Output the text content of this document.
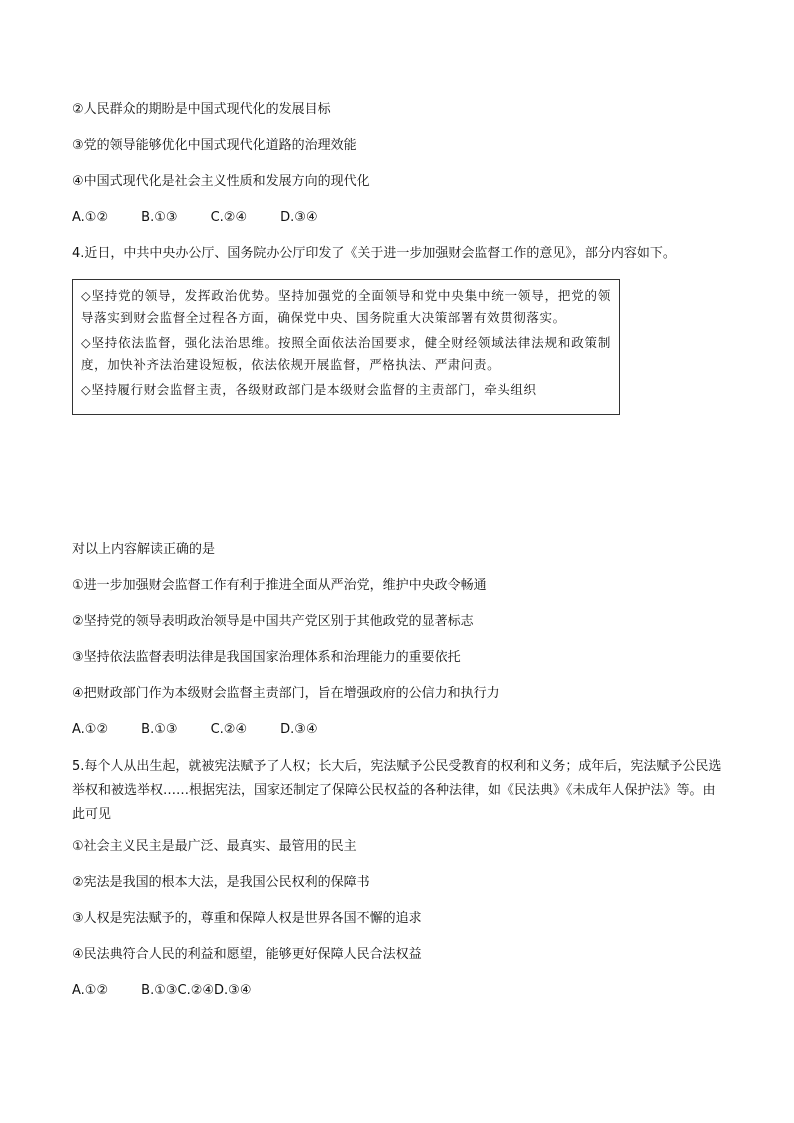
②人民群众的期盼是中国式现代化的发展目标
③党的领导能够优化中国式现代化道路的治理效能
④中国式现代化是社会主义性质和发展方向的现代化
A.①②        B.①③        C.②④        D.③④
4.近日，中共中央办公厅、国务院办公厅印发了《关于进一步加强财会监督工作的意见》，部分内容如下。

◇坚持党的领导，发挥政治优势。坚持加强党的全面领导和党中央集中统一领导，把党的领导落实到财会监督全过程各方面，确保党中央、国务院重大决策部署有效贯彻落实。

◇坚持依法监督，强化法治思维。按照全面依法治国要求，健全财经领域法律法规和政策制度，加快补齐法治建设短板，依法依规开展监督，严格执法、严肃问责。

◇坚持履行财会监督主责，各级财政部门是本级财会监督的主责部门，牵头组织

对以上内容解读正确的是
①进一步加强财会监督工作有利于推进全面从严治党，维护中央政令畅通
②坚持党的领导表明政治领导是中国共产党区别于其他政党的显著标志
③坚持依法监督表明法律是我国国家治理体系和治理能力的重要依托
④把财政部门作为本级财会监督主责部门，旨在增强政府的公信力和执行力
A.①②        B.①③        C.②④        D.③④
5.每个人从出生起，就被宪法赋予了人权；长大后，宪法赋予公民受教育的权利和义务；成年后，宪法赋予公民选举权和被选举权……根据宪法，国家还制定了保障公民权益的各种法律，如《民法典》《未成年人保护法》等。由此可见
①社会主义民主是最广泛、最真实、最管用的民主
②宪法是我国的根本大法，是我国公民权利的保障书
③人权是宪法赋予的，尊重和保障人权是世界各国不懈的追求
④民法典符合人民的利益和愿望，能够更好保障人民合法权益
A.①②        B.①③C.②④D.③④
